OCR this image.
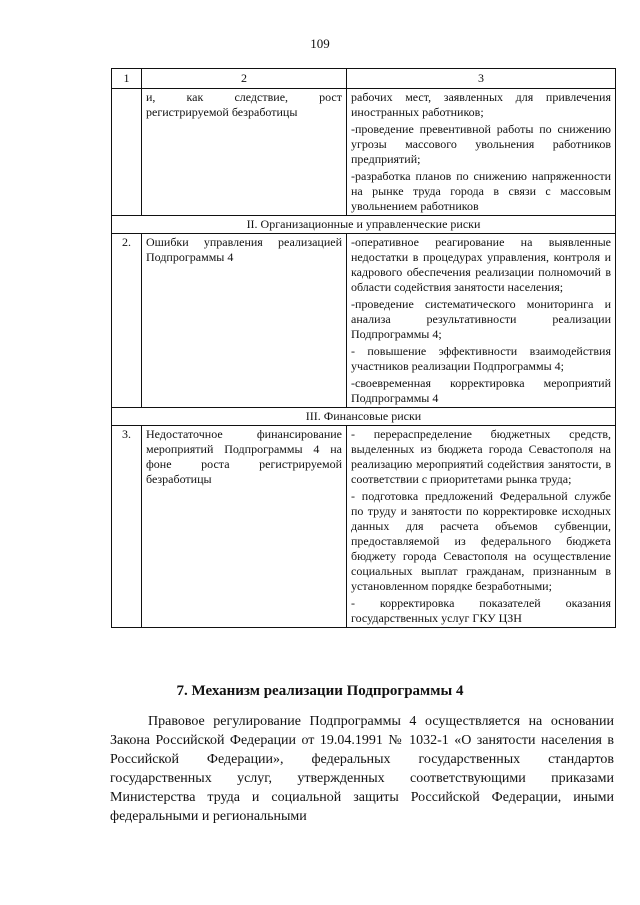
109
1	2	3
	и, как следствие, рост регистрируемой безработицы	рабочих мест, заявленных для привлечения иностранных работников;

-проведение превентивной работы по снижению угрозы массового увольнения работников предприятий;

-разработка планов по снижению напряженности на рынке труда города в связи с массовым увольнением работников

II. Организационные и управленческие риски		
2.	Ошибки управления реализацией Подпрограммы 4	-оперативное реагирование на выявленные недостатки в процедурах управления, контроля и кадрового обеспечения реализации полномочий в области содействия занятости населения;

-проведение систематического мониторинга и анализа результативности реализации Подпрограммы 4;

- повышение эффективности взаимодействия участников реализации Подпрограммы 4;

-своевременная корректировка мероприятий Подпрограммы 4

III. Финансовые риски		
3.	Недостаточное финансирование мероприятий Подпрограммы 4 на фоне роста регистрируемой безработицы	- перераспределение бюджетных средств, выделенных из бюджета города Севастополя на реализацию мероприятий содействия занятости, в соответствии с приоритетами рынка труда;

- подготовка предложений Федеральной службе по труду и занятости по корректировке исходных данных для расчета объемов субвенции, предоставляемой из федерального бюджета бюджету города Севастополя на осуществление социальных выплат гражданам, признанным в установленном порядке безработными;

- корректировка показателей оказания государственных услуг ГКУ ЦЗН

7. Механизм реализации Подпрограммы 4
Правовое регулирование Подпрограммы 4 осуществляется на основании Закона Российской Федерации от 19.04.1991 № 1032-1 «О занятости населения в Российской Федерации», федеральных государственных стандартов государственных услуг, утвержденных соответствующими приказами Министерства труда и социальной защиты Российской Федерации, иными федеральными и региональными
